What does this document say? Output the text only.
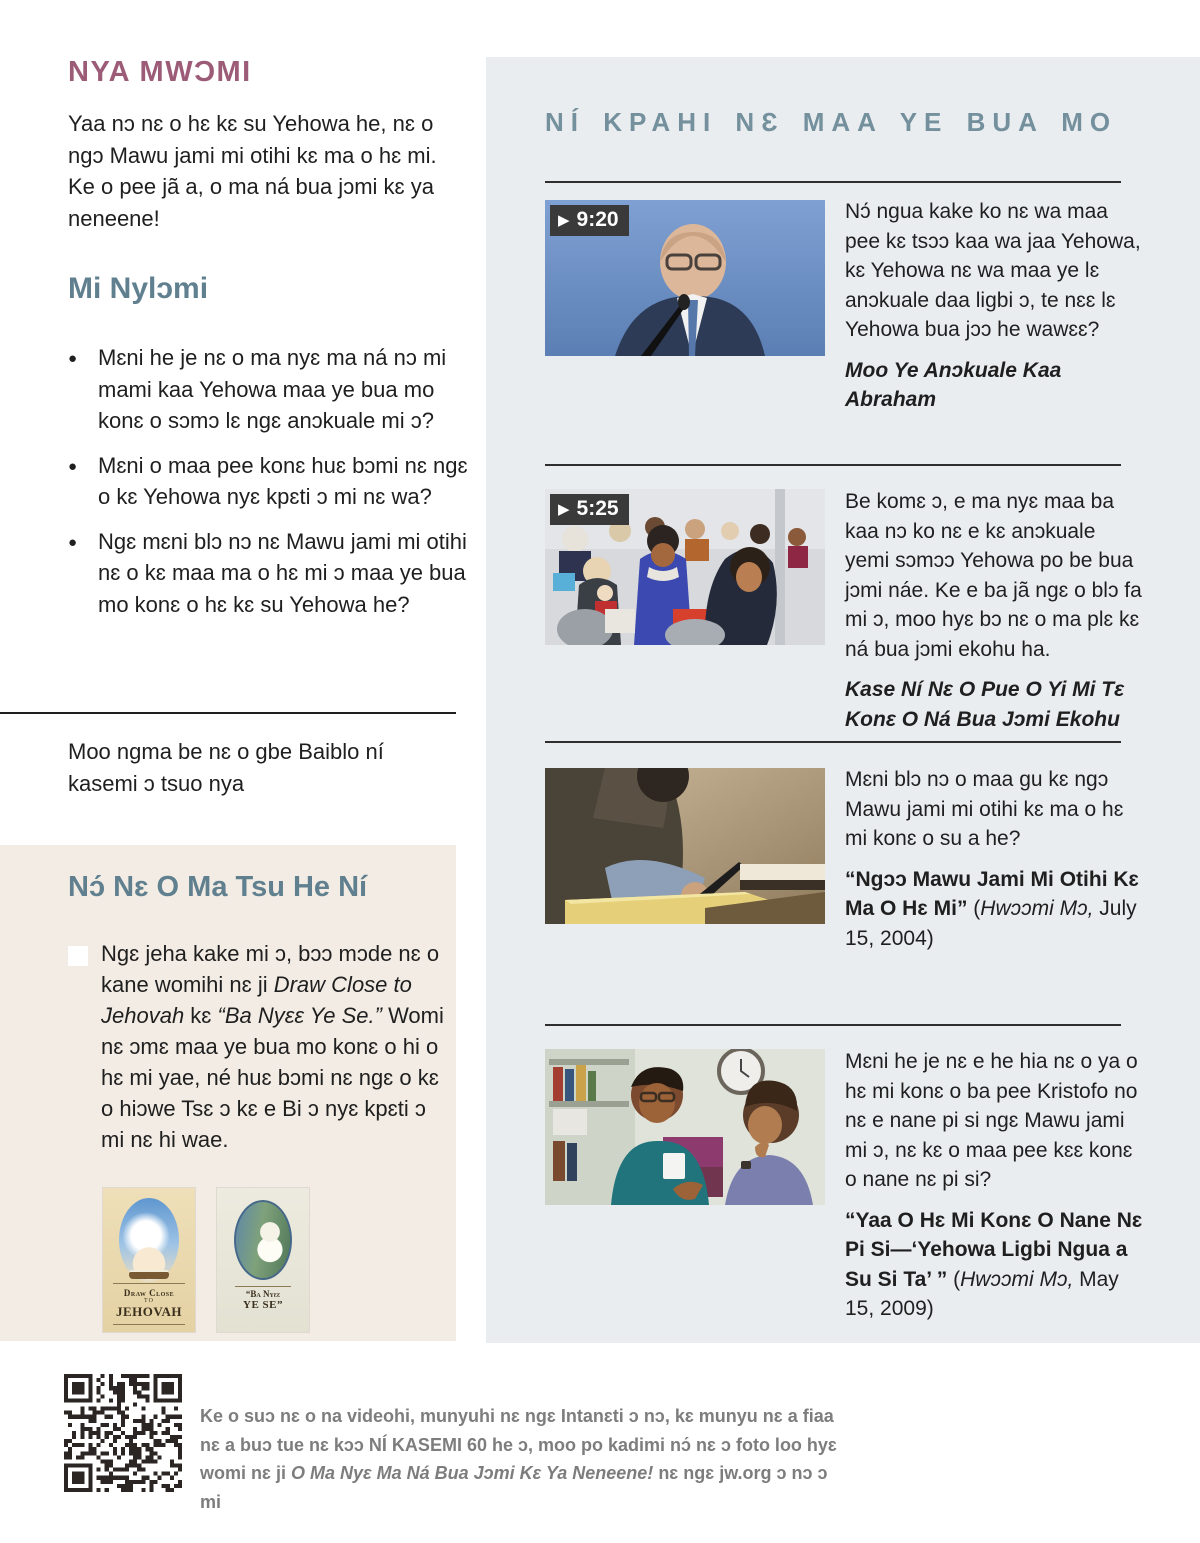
NYA MWƆMI
Yaa nɔ nɛ o hɛ kɛ su Yehowa he, nɛ o ngɔ Mawu jami mi otihi kɛ ma o hɛ mi. Ke o pee jã a, o ma ná bua jɔmi kɛ ya neneene!
Mi Nylɔmi
● Mɛni he je nɛ o ma nyɛ ma ná nɔ mi mami kaa Yehowa maa ye bua mo konɛ o sɔmɔ lɛ ngɛ anɔkuale mi ɔ?
● Mɛni o maa pee konɛ huɛ bɔmi nɛ ngɛ o kɛ Yehowa nyɛ kpɛti ɔ mi nɛ wa?
● Ngɛ mɛni blɔ nɔ nɛ Mawu jami mi otihi nɛ o kɛ maa ma o hɛ mi ɔ maa ye bua mo konɛ o hɛ kɛ su Yehowa he?
Moo ngma be nɛ o gbe Baiblo ní kasemi ɔ tsuo nya
Nɔ́ Nɛ O Ma Tsu He Ní
Ngɛ jeha kake mi ɔ, bɔɔ mɔde nɛ o kane womihi nɛ ji Draw Close to Jehovah kɛ “Ba Nyɛɛ Ye Se.” Womi nɛ ɔmɛ maa ye bua mo konɛ o hi o hɛ mi yae, né huɛ bɔmi nɛ ngɛ o kɛ o hiɔwe Tsɛ ɔ kɛ e Bi ɔ nyɛ kpɛti ɔ mi nɛ hi wae.
Draw Close
TO
JEHOVAH
“Ba Nyɛɛ
YE SE”
Ke o suɔ nɛ o na videohi, munyuhi nɛ ngɛ Intanɛti ɔ nɔ, kɛ munyu nɛ a fiaa
nɛ a buɔ tue nɛ kɔɔ NÍ KASEMI 60 he ɔ, moo po kadimi nɔ́ nɛ ɔ foto loo hyɛ
womi nɛ ji O Ma Nyɛ Ma Ná Bua Jɔmi Kɛ Ya Neneene! nɛ ngɛ jw.org ɔ nɔ ɔ mi
NÍ KPAHI NƐ MAA YE BUA MO
▶ 9:20	Nɔ́ ngua kake ko nɛ wa maa pee kɛ tsɔɔ kaa wa jaa Yehowa, kɛ Yehowa nɛ wa maa ye lɛ anɔkuale daa ligbi ɔ, te nɛɛ lɛ Yehowa bua jɔɔ he wawɛɛ?
Moo Ye Anɔkuale Kaa Abraham
▶ 5:25	Be komɛ ɔ, e ma nyɛ maa ba kaa nɔ ko nɛ e kɛ anɔkuale yemi sɔmɔɔ Yehowa po be bua jɔmi náe. Ke e ba jã ngɛ o blɔ fa mi ɔ, moo hyɛ bɔ nɛ o ma plɛ kɛ ná bua jɔmi ekohu ha.
Kase Ní Nɛ O Pue O Yi Mi Tɛ Konɛ O Ná Bua Jɔmi Ekohu
Mɛni blɔ nɔ o maa gu kɛ ngɔ Mawu jami mi otihi kɛ ma o hɛ mi konɛ o su a he?
“Ngɔɔ Mawu Jami Mi Otihi Kɛ Ma O Hɛ Mi” (Hwɔɔmi Mɔ, July 15, 2004)
Mɛni he je nɛ e he hia nɛ o ya o hɛ mi konɛ o ba pee Kristofo no nɛ e nane pi si ngɛ Mawu jami mi ɔ, nɛ kɛ o maa pee kɛɛ konɛ o nane nɛ pi si?
“Yaa O Hɛ Mi Konɛ O Nane Nɛ Pi Si—‘Yehowa Ligbi Ngua a Su Si Ta’ ” (Hwɔɔmi Mɔ, May 15, 2009)
